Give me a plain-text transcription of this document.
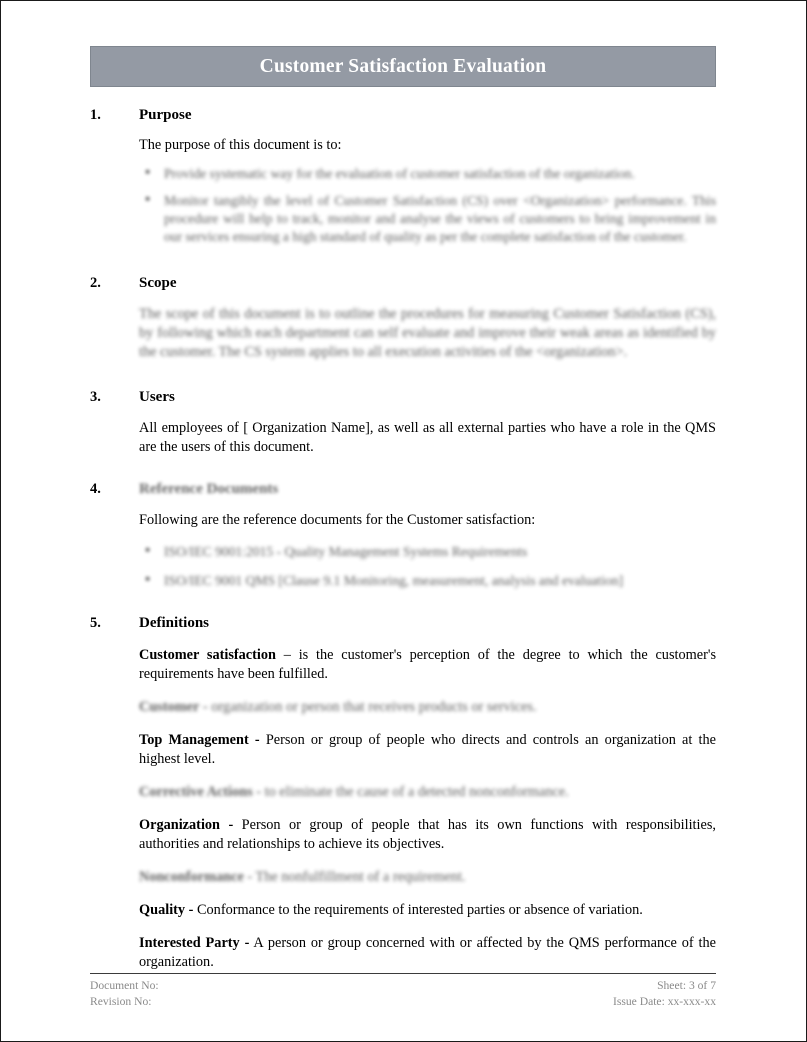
Customer Satisfaction Evaluation
1.	Purpose

The purpose of this document is to:

• Provide systematic way for the evaluation of customer satisfaction of the organization.
• Monitor tangibly the level of Customer Satisfaction (CS) over <Organization> performance. This procedure will help to track, monitor and analyse the views of customers to bring improvement in our services ensuring a high standard of quality as per the complete satisfaction of the customer.
2.	Scope

The scope of this document is to outline the procedures for measuring Customer Satisfaction (CS), by following which each department can self evaluate and improve their weak areas as identified by the customer. The CS system applies to all execution activities of the <organization>.

3.	Users

All employees of [ Organization Name], as well as all external parties who have a role in the QMS are the users of this document.

4.	Reference Documents

Following are the reference documents for the Customer satisfaction:

• ISO/IEC 9001:2015 - Quality Management Systems Requirements
• ISO/IEC 9001 QMS [Clause 9.1 Monitoring, measurement, analysis and evaluation]
5.	Definitions

Customer satisfaction – is the customer's perception of the degree to which the customer's requirements have been fulfilled.

Customer - organization or person that receives products or services.

Top Management - Person or group of people who directs and controls an organization at the highest level.

Corrective Actions - to eliminate the cause of a detected nonconformance.

Organization - Person or group of people that has its own functions with responsibilities, authorities and relationships to achieve its objectives.

Nonconformance - The nonfulfillment of a requirement.

Quality - Conformance to the requirements of interested parties or absence of variation.

Interested Party - A person or group concerned with or affected by the QMS performance of the organization.

Document No:
Revision No:
Sheet: 3 of 7
Issue Date: xx-xxx-xx
